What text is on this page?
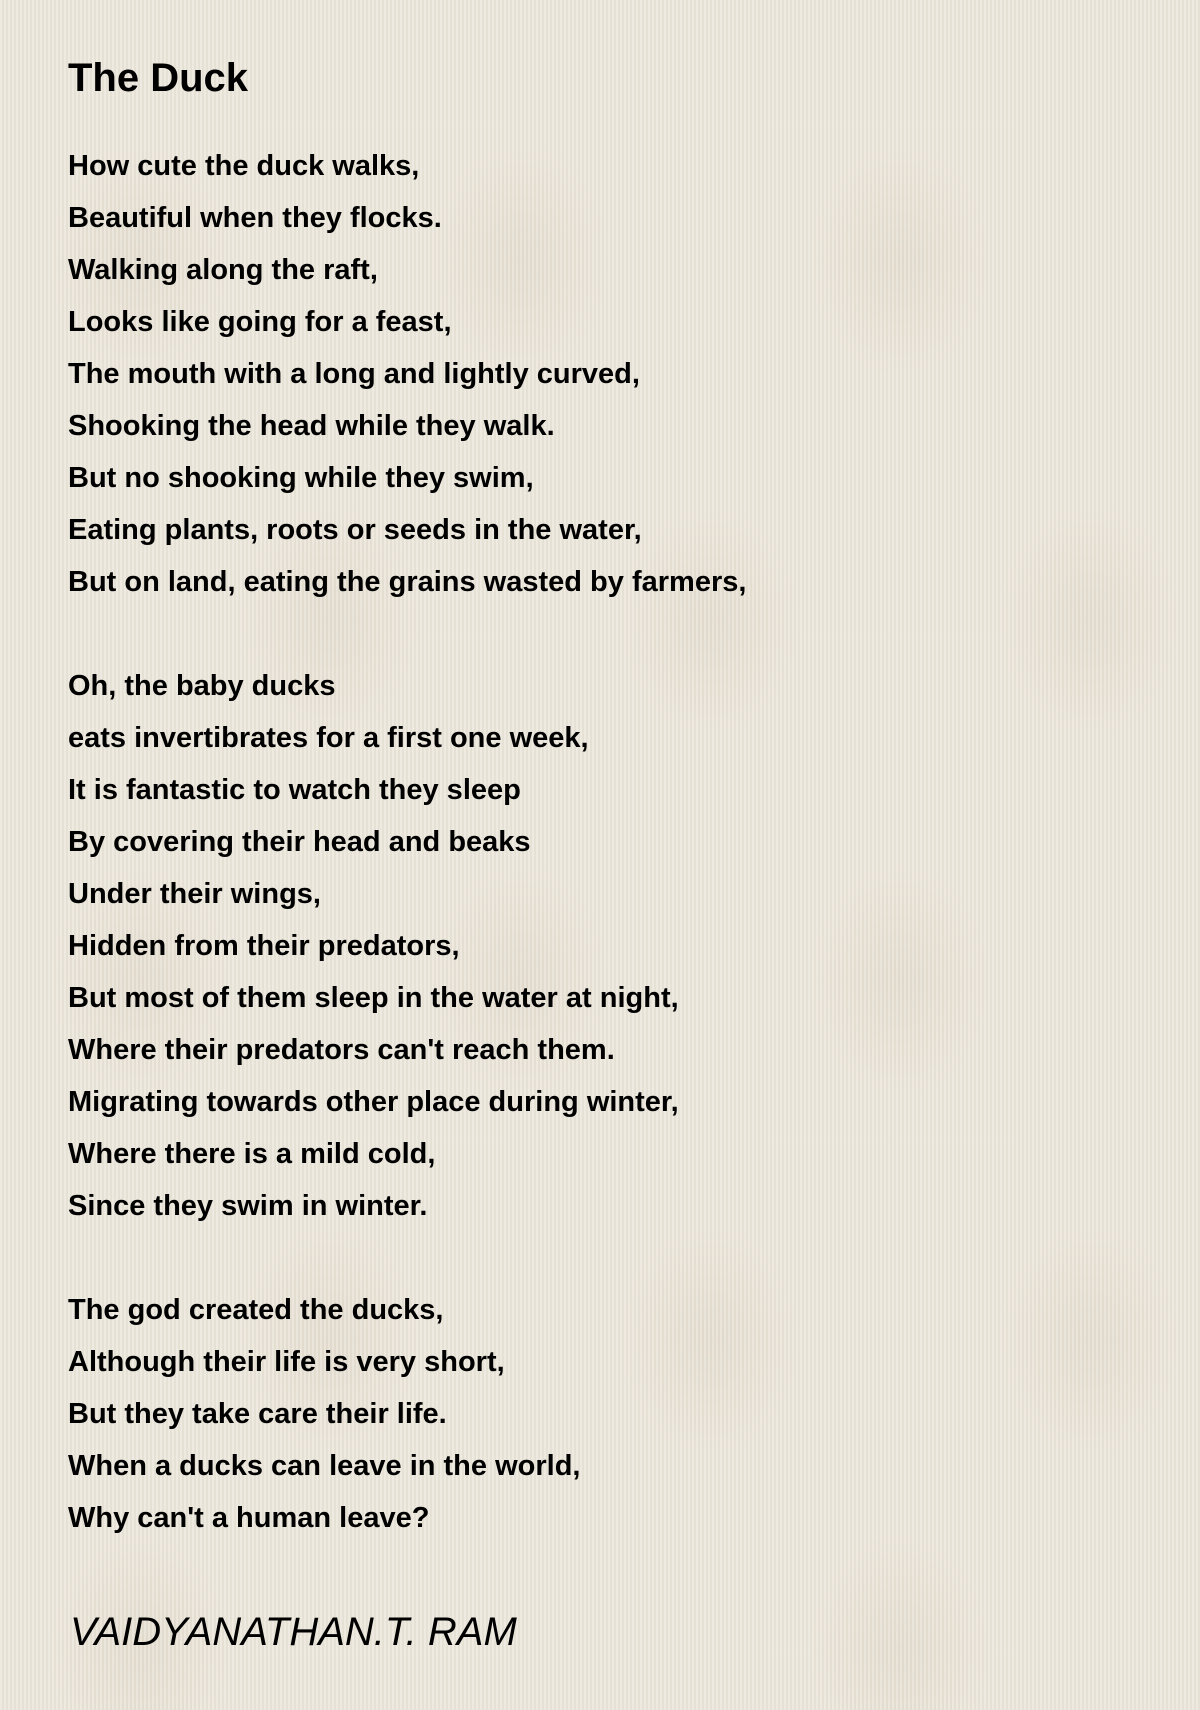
The Duck
How cute the duck walks,
Beautiful when they flocks.
Walking along the raft,
Looks like going for a feast,
The mouth with a long and lightly curved,
Shooking the head while they walk.
But no shooking while they swim,
Eating plants, roots or seeds in the water,
But on land, eating the grains wasted by farmers,
Oh, the baby ducks
eats invertibrates for a first one week,
It is fantastic to watch they sleep
By covering their head and beaks
Under their wings,
Hidden from their predators,
But most of them sleep in the water at night,
Where their predators can't reach them.
Migrating towards other place during winter,
Where there is a mild cold,
Since they swim in winter.
The god created the ducks,
Although their life is very short,
But they take care their life.
When a ducks can leave in the world,
Why can't a human leave?
VAIDYANATHAN.T. RAM
